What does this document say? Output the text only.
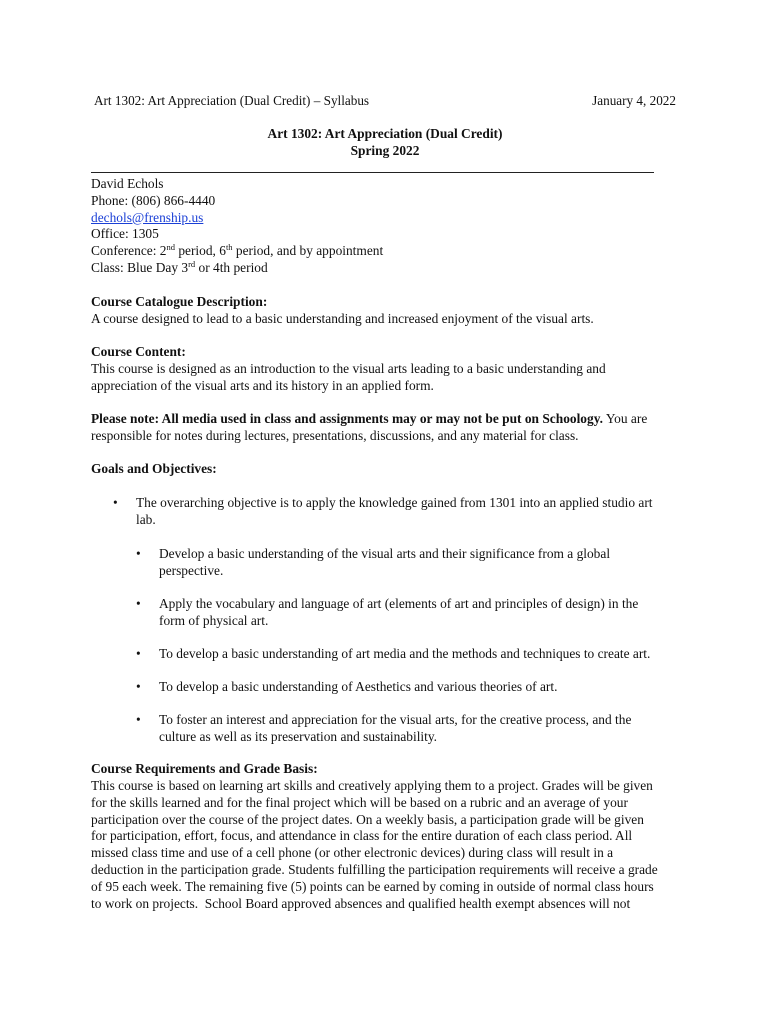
Art 1302: Art Appreciation (Dual Credit) – Syllabus	January 4, 2022
Art 1302: Art Appreciation (Dual Credit)
Spring 2022
David Echols
Phone: (806) 866-4440
dechols@frenship.us
Office: 1305
Conference: 2nd period, 6th period, and by appointment
Class: Blue Day 3rd or 4th period
Course Catalogue Description:
A course designed to lead to a basic understanding and increased enjoyment of the visual arts.
Course Content:
This course is designed as an introduction to the visual arts leading to a basic understanding and
appreciation of the visual arts and its history in an applied form.
Please note: All media used in class and assignments may or may not be put on Schoology. You are
responsible for notes during lectures, presentations, discussions, and any material for class.
Goals and Objectives:
• The overarching objective is to apply the knowledge gained from 1301 into an applied studio art
lab.
• Develop a basic understanding of the visual arts and their significance from a global
perspective.
• Apply the vocabulary and language of art (elements of art and principles of design) in the
form of physical art.
• To develop a basic understanding of art media and the methods and techniques to create art.
• To develop a basic understanding of Aesthetics and various theories of art.
• To foster an interest and appreciation for the visual arts, for the creative process, and the
culture as well as its preservation and sustainability.
Course Requirements and Grade Basis:
This course is based on learning art skills and creatively applying them to a project. Grades will be given
for the skills learned and for the final project which will be based on a rubric and an average of your
participation over the course of the project dates. On a weekly basis, a participation grade will be given
for participation, effort, focus, and attendance in class for the entire duration of each class period. All
missed class time and use of a cell phone (or other electronic devices) during class will result in a
deduction in the participation grade. Students fulfilling the participation requirements will receive a grade
of 95 each week. The remaining five (5) points can be earned by coming in outside of normal class hours
to work on projects.  School Board approved absences and qualified health exempt absences will not
